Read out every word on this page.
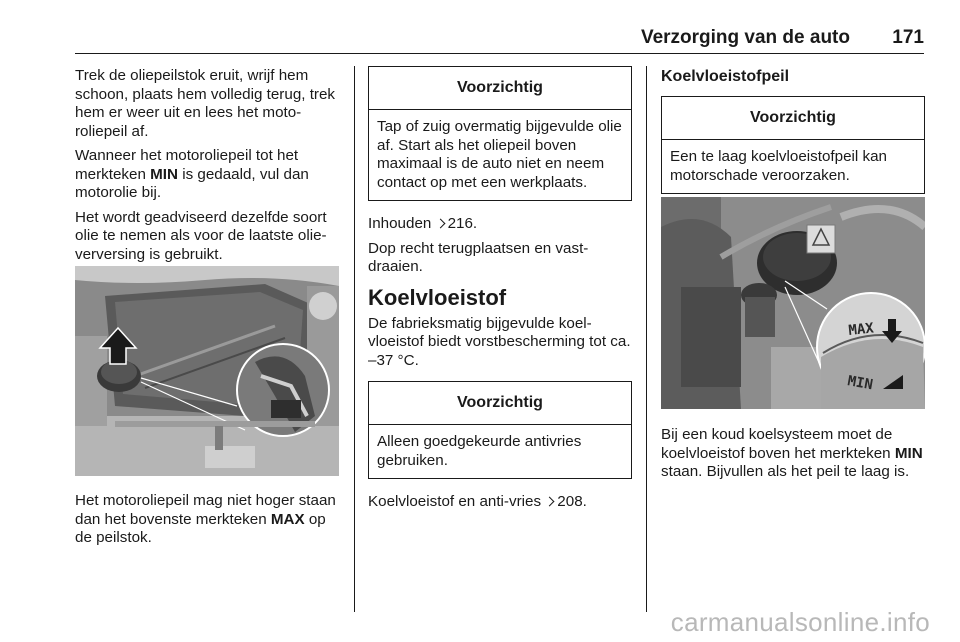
Verzorging van de auto 171

Trek de oliepeilstok eruit, wrijf hem schoon, plaats hem volledig terug, trek hem er weer uit en lees het moto-roliepeil af.

Wanneer het motoroliepeil tot het merkteken MIN is gedaald, vul dan motorolie bij.

Het wordt geadviseerd dezelfde soort olie te nemen als voor de laatste olie-verversing is gebruikt.

Het motoroliepeil mag niet hoger staan dan het bovenste merkteken MAX op de peilstok.

Voorzichtig
Tap of zuig overmatig bijgevulde olie af. Start als het oliepeil boven maximaal is de auto niet en neem contact op met een werkplaats.

Inhouden 216.

Dop recht terugplaatsen en vast-draaien.

Koelvloeistof

De fabrieksmatig bijgevulde koel-vloeistof biedt vorstbescherming tot ca. –37 °C.

Voorzichtig
Alleen goedgekeurde antivries gebruiken.

Koelvloeistof en anti-vries 208.

Koelvloeistofpeil
Voorzichtig
Een te laag koelvloeistofpeil kan motorschade veroorzaken.
MAX
MIN

Bij een koud koelsysteem moet de koelvloeistof boven het merkteken MIN staan. Bijvullen als het peil te laag is.

carmanualsonline.info
